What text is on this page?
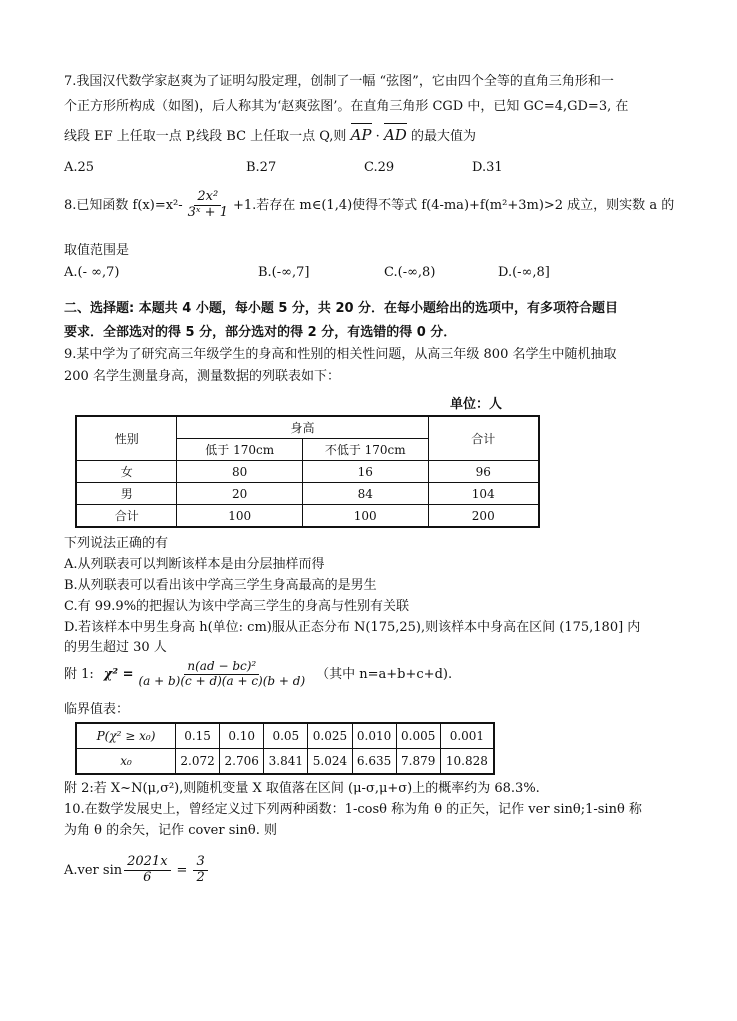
7.我国汉代数学家赵爽为了证明勾股定理，创制了一幅 “弦图”，它由四个全等的直角三角形和一
个正方形所构成（如图)，后人称其为‘赵爽弦图’。在直角三角形 CGD 中，已知 GC=4,GD=3, 在
线段 EF 上任取一点 P,线段 BC 上任取一点 Q,则 AP · AD 的最大值为
A.25	B.27	C.29	D.31
8.已知函数 $f(x)=x^2- \frac{\text{2x²}}{\text{3ˣ + 1}} +1$.若存在 m∈(1,4)使得不等式 f(4-ma)+f(m²+3m)>2 成立，则实数 a 的
取值范围是
A.(- ∞,7)	B.(-∞,7]	C.(-∞,8)	D.(-∞,8]
二、选择题: 本题共 4 小题，每小题 5 分，共 20 分．在每小题给出的选项中，有多项符合题目
要求．全部选对的得 5 分，部分选对的得 2 分，有选错的得 0 分．
9.某中学为了研究高三年级学生的身高和性别的相关性问题，从高三年级 800 名学生中随机抽取
200 名学生测量身高，测量数据的列联表如下：
单位：人
性别	身高		合计
	低于 170cm	不低于 170cm	
女	80	16	96
男	20	84	104
合计	100	100	200
下列说法正确的有
A.从列联表可以判断该样本是由分层抽样而得
B.从列联表可以看出该中学高三学生身高最高的是男生
C.有 99.9%的把握认为该中学高三学生的身高与性别有关联
D.若该样本中男生身高 h(单位: cm)服从正态分布 N(175,25),则该样本中身高在区间 (175,180] 内
的男生超过 30 人
附 1: $\chi^2 = \frac{\text{n(ad − bc)²}}{(a + b)(c + d)(a + c)(b + d)}$ （其中 n=a+b+c+d).
临界值表：
P(χ² ≥ x₀)	0.15	0.10	0.05	0.025	0.010	0.005	0.001
x₀	2.072	2.706	3.841	5.024	6.635	7.879	10.828
附 2:若 X~N(μ,σ²),则随机变量 X 取值落在区间 (μ-σ,μ+σ)上的概率约为 68.3%.
10.在数学发展史上，曾经定义过下列两种函数：1-cosθ 称为角 θ 的正矢，记作 ver sinθ;1-sinθ 称
为角 θ 的余矢，记作 cover sinθ. 则
A.ver $\sin \frac{2021x}{6} = \frac{3}{2}$
